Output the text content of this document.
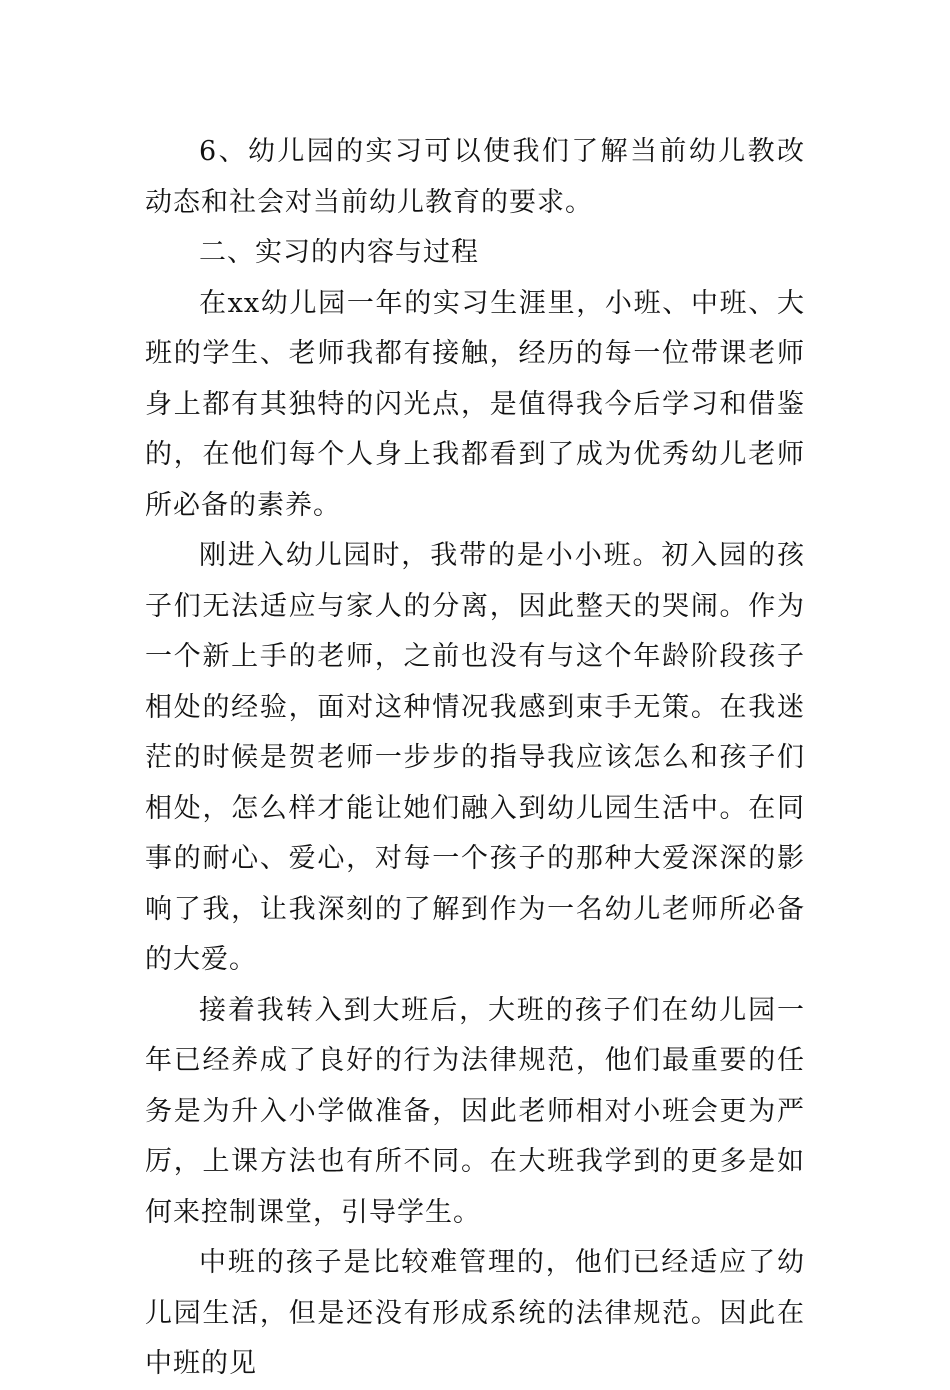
6、幼儿园的实习可以使我们了解当前幼儿教改动态和社会对当前幼儿教育的要求。

二、实习的内容与过程

在xx幼儿园一年的实习生涯里，小班、中班、大班的学生、老师我都有接触，经历的每一位带课老师身上都有其独特的闪光点，是值得我今后学习和借鉴的，在他们每个人身上我都看到了成为优秀幼儿老师所必备的素养。

刚进入幼儿园时，我带的是小小班。初入园的孩子们无法适应与家人的分离，因此整天的哭闹。作为一个新上手的老师，之前也没有与这个年龄阶段孩子相处的经验，面对这种情况我感到束手无策。在我迷茫的时候是贺老师一步步的指导我应该怎么和孩子们相处，怎么样才能让她们融入到幼儿园生活中。在同事的耐心、爱心，对每一个孩子的那种大爱深深的影响了我，让我深刻的了解到作为一名幼儿老师所必备的大爱。

接着我转入到大班后，大班的孩子们在幼儿园一年已经养成了良好的行为法律规范，他们最重要的任务是为升入小学做准备，因此老师相对小班会更为严厉，上课方法也有所不同。在大班我学到的更多是如何来控制课堂，引导学生。

中班的孩子是比较难管理的，他们已经适应了幼儿园生活，但是还没有形成系统的法律规范。因此在中班的见
